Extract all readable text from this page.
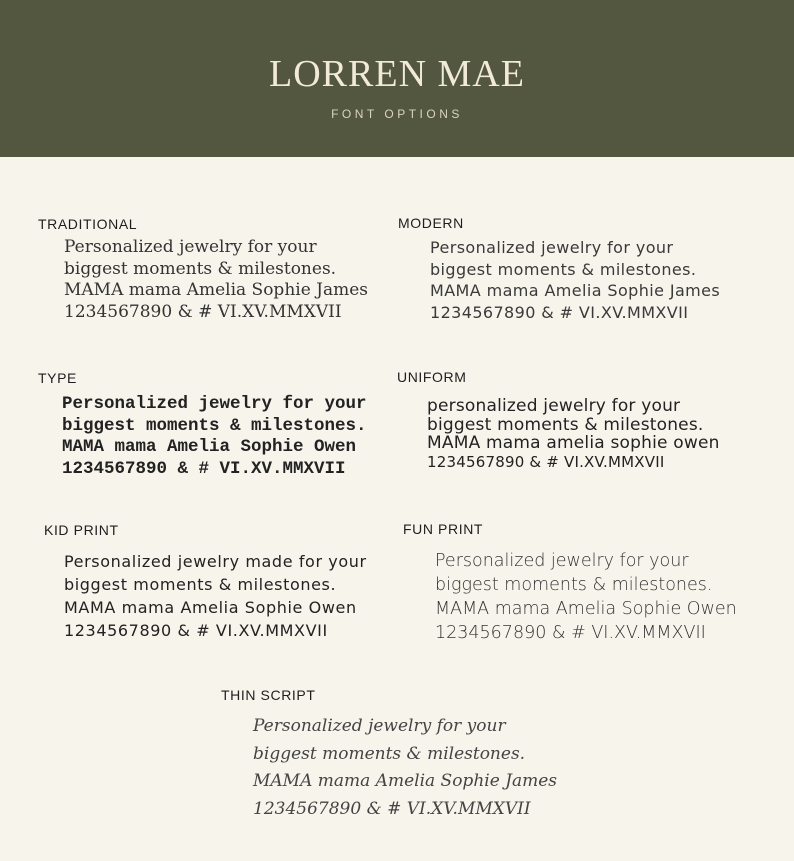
LORREN MAE
FONT OPTIONS
TRADITIONAL
Personalized jewelry for your
biggest moments & milestones.
MAMA mama Amelia Sophie James
1234567890 & # VI.XV.MMXVII
MODERN
Personalized jewelry for your
biggest moments & milestones.
MAMA mama Amelia Sophie James
1234567890 & # VI.XV.MMXVII
TYPE
Personalized jewelry for your
biggest moments & milestones.
MAMA mama Amelia Sophie Owen
1234567890 & # VI.XV.MMXVII
UNIFORM
personalized jewelry for your
biggest moments & milestones.
MAMA mama amelia sophie owen
1234567890 & # VI.XV.MMXVII
KID PRINT
Personalized jewelry made for your
biggest moments & milestones.
MAMA mama Amelia Sophie Owen
1234567890 & # VI.XV.MMXVII
FUN PRINT
Personalized jewelry for your
biggest moments & milestones.
MAMA mama Amelia Sophie Owen
1234567890 & # VI.XV.MMXVII
THIN SCRIPT
Personalized jewelry for your
biggest moments & milestones.
MAMA mama Amelia Sophie James
1234567890 & # VI.XV.MMXVII
